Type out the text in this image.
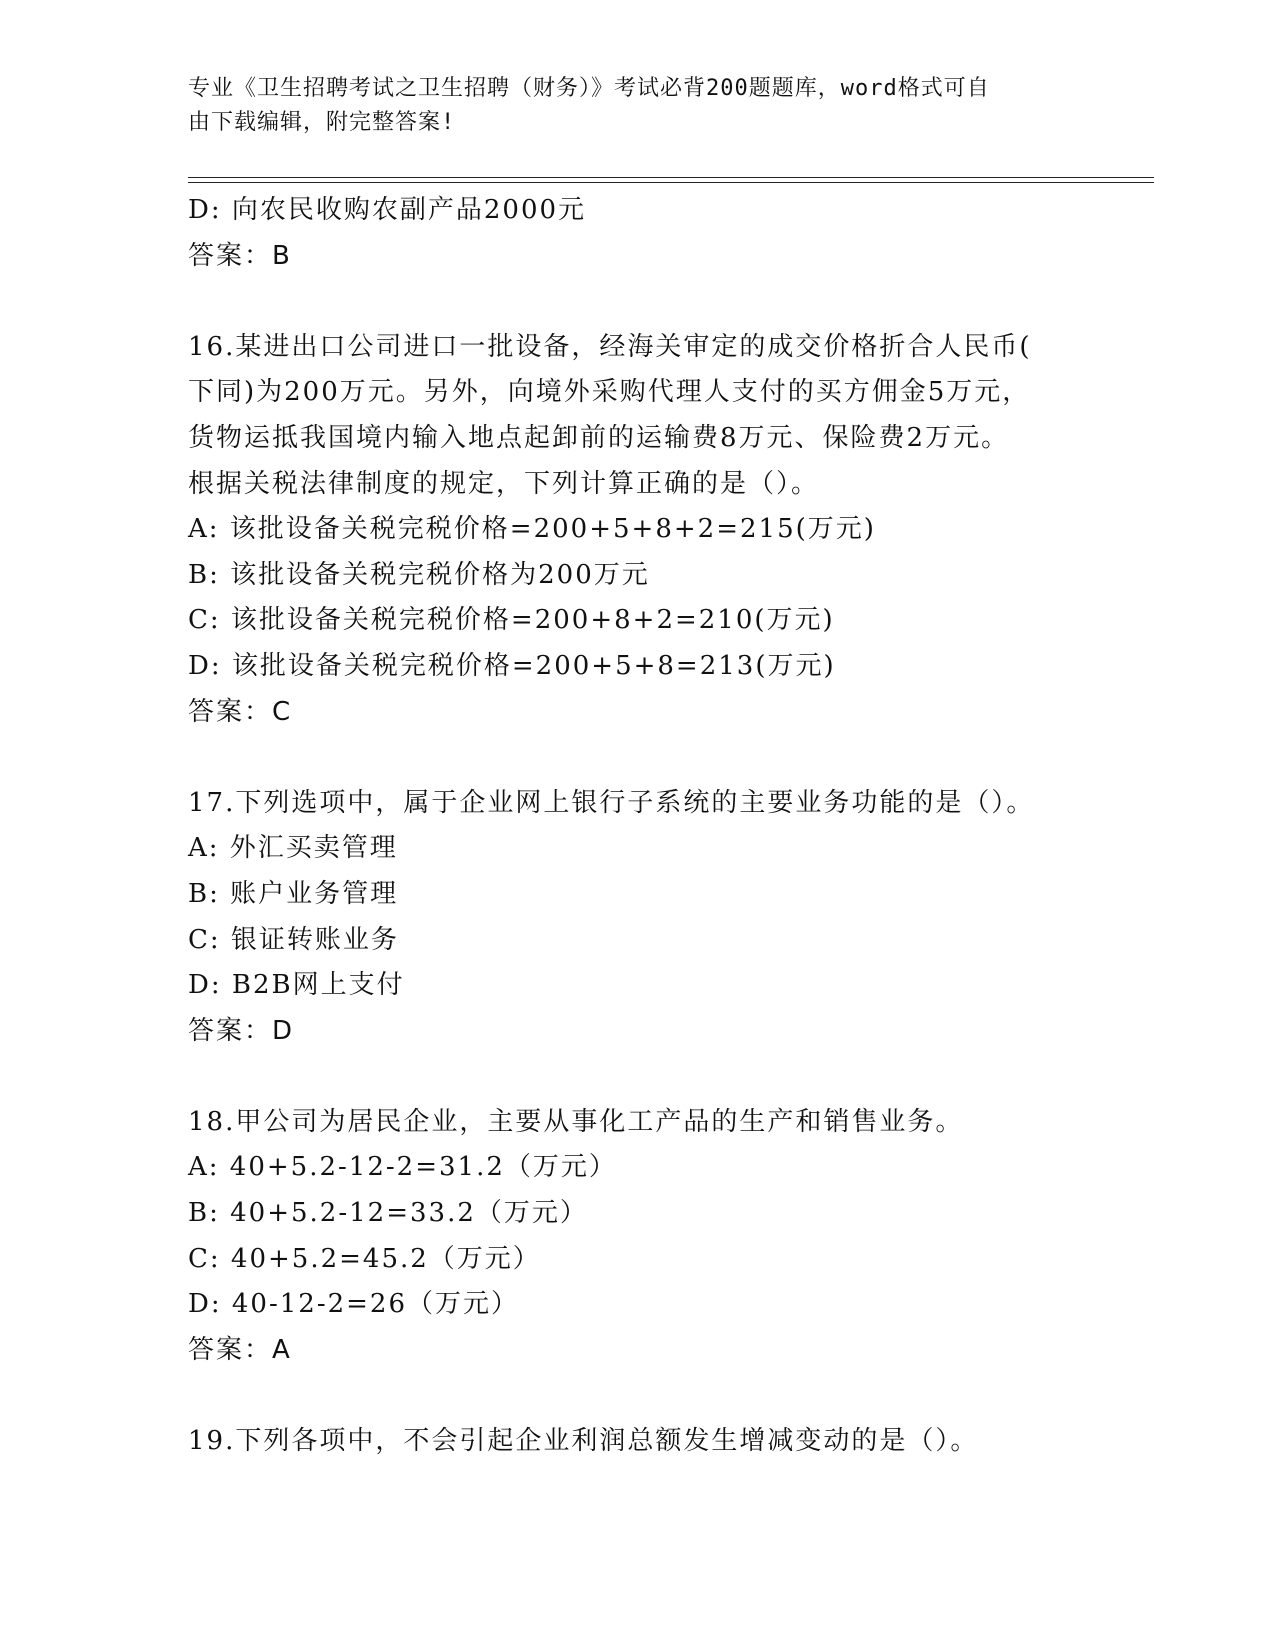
专业《卫生招聘考试之卫生招聘（财务）》考试必背200题题库，word格式可自
由下载编辑，附完整答案!
D: 向农民收购农副产品2000元
答案：B
16.某进出口公司进口一批设备，经海关审定的成交价格折合人民币(
下同)为200万元。另外，向境外采购代理人支付的买方佣金5万元，
货物运抵我国境内输入地点起卸前的运输费8万元、保险费2万元。
根据关税法律制度的规定，下列计算正确的是（）。
A: 该批设备关税完税价格=200+5+8+2=215(万元)
B: 该批设备关税完税价格为200万元
C: 该批设备关税完税价格=200+8+2=210(万元)
D: 该批设备关税完税价格=200+5+8=213(万元)
答案：C
17.下列选项中，属于企业网上银行子系统的主要业务功能的是（）。
A: 外汇买卖管理
B: 账户业务管理
C: 银证转账业务
D: B2B网上支付
答案：D
18.甲公司为居民企业，主要从事化工产品的生产和销售业务。
A: 40+5.2-12-2=31.2（万元）
B: 40+5.2-12=33.2（万元）
C: 40+5.2=45.2（万元）
D: 40-12-2=26（万元）
答案：A
19.下列各项中，不会引起企业利润总额发生增减变动的是（）。
